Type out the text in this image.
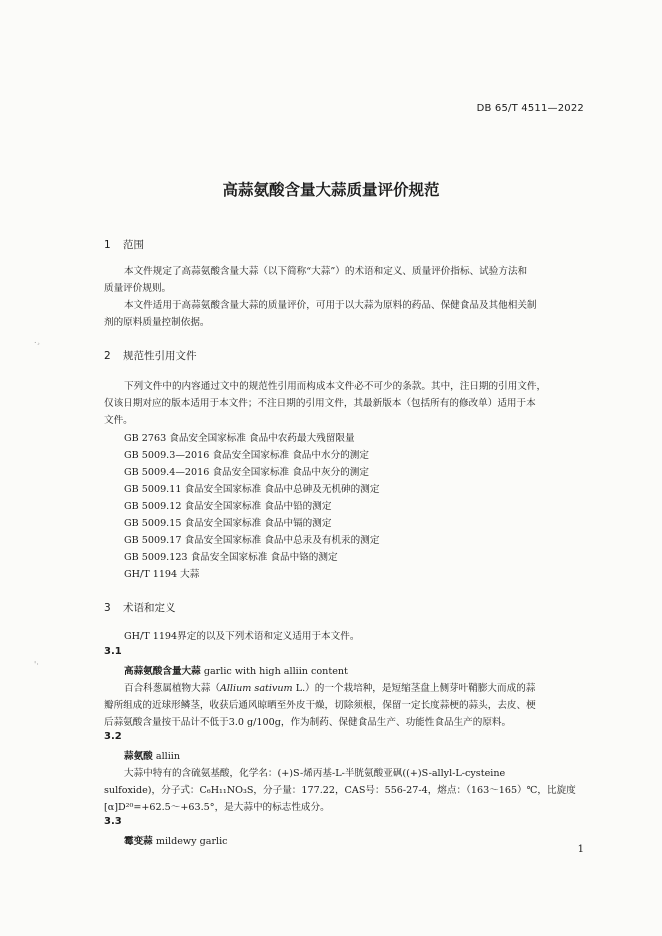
DB 65/T 4511—2022
高蒜氨酸含量大蒜质量评价规范
1 范围
本文件规定了高蒜氨酸含量大蒜（以下简称“大蒜”）的术语和定义、质量评价指标、试验方法和
质量评价规则。
本文件适用于高蒜氨酸含量大蒜的质量评价，可用于以大蒜为原料的药品、保健食品及其他相关制
剂的原料质量控制依据。
.¸
2 规范性引用文件
下列文件中的内容通过文中的规范性引用而构成本文件必不可少的条款。其中，注日期的引用文件，
仅该日期对应的版本适用于本文件；不注日期的引用文件，其最新版本（包括所有的修改单）适用于本
文件。
GB 2763 食品安全国家标准 食品中农药最大残留限量
GB 5009.3—2016 食品安全国家标准 食品中水分的测定
GB 5009.4—2016 食品安全国家标准 食品中灰分的测定
GB 5009.11 食品安全国家标准 食品中总砷及无机砷的测定
GB 5009.12 食品安全国家标准 食品中铅的测定
GB 5009.15 食品安全国家标准 食品中镉的测定
GB 5009.17 食品安全国家标准 食品中总汞及有机汞的测定
GB 5009.123 食品安全国家标准 食品中铬的测定
GH/T 1194 大蒜
3 术语和定义
GH/T 1194界定的以及下列术语和定义适用于本文件。
3.1
高蒜氨酸含量大蒜 garlic with high alliin content
百合科葱属植物大蒜（Allium sativum L.）的一个栽培种，是短缩茎盘上侧芽叶鞘膨大而成的蒜
瓣所组成的近球形鳞茎，收获后通风晾晒至外皮干燥，切除须根，保留一定长度蒜梗的蒜头，去皮、梗
后蒜氨酸含量按干品计不低于3.0 g/100g，作为制药、保健食品生产、功能性食品生产的原料。
'·
3.2
蒜氨酸 alliin
大蒜中特有的含硫氨基酸，化学名：(+)S-烯丙基-L-半胱氨酸亚砜((+)S-allyl-L-cysteine
sulfoxide)，分子式：C₆H₁₁NO₃S，分子量：177.22，CAS号：556-27-4，熔点：（163～165）℃，比旋度
[α]D²⁰=+62.5～+63.5°，是大蒜中的标志性成分。
3.3
霉变蒜 mildewy garlic
1
